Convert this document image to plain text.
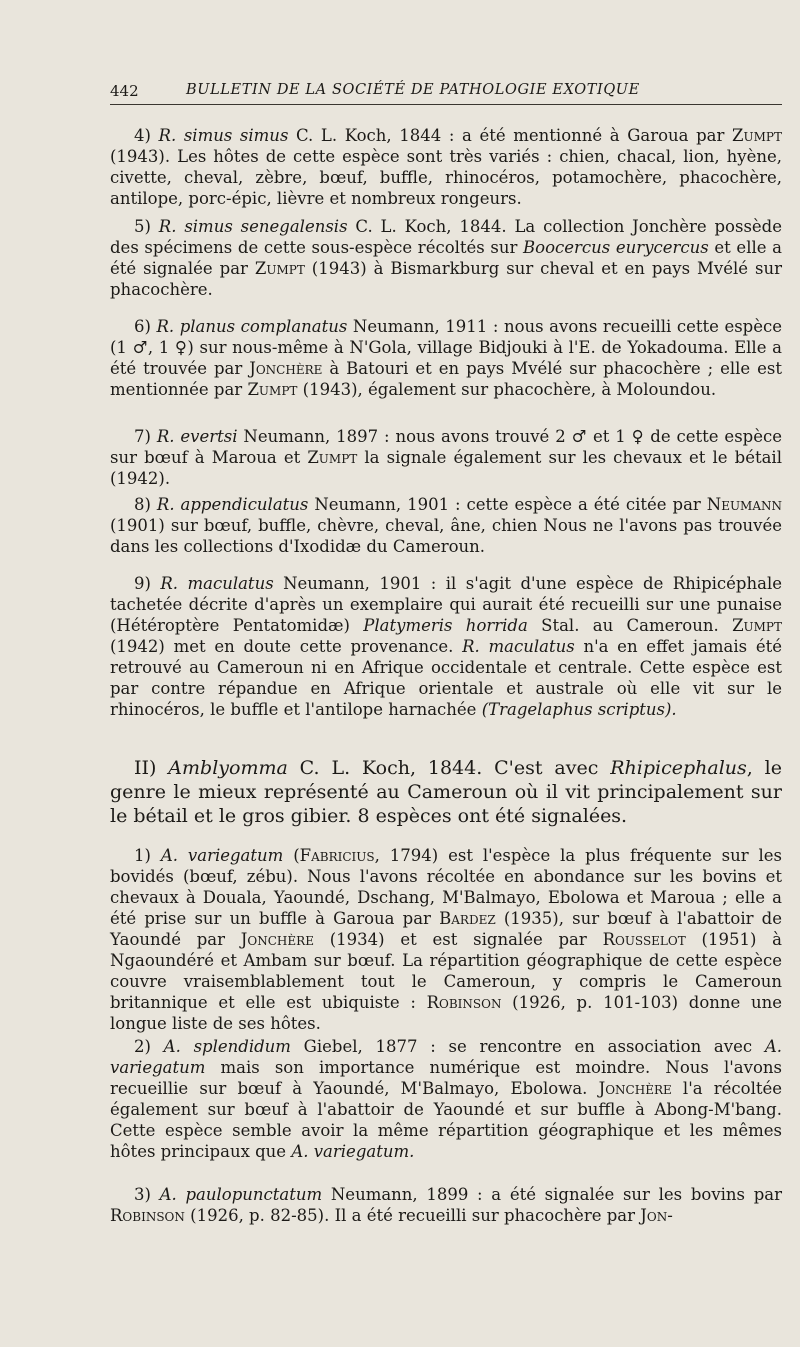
442	BULLETIN DE LA SOCIÉTÉ DE PATHOLOGIE EXOTIQUE

4) R. simus simus C. L. Koch, 1844 : a été mentionné à Garoua par Zumpt (1943). Les hôtes de cette espèce sont très variés : chien, chacal, lion, hyène, civette, cheval, zèbre, bœuf, buffle, rhinocéros, potamochère, phacochère, antilope, porc-épic, lièvre et nombreux rongeurs.

5) R. simus senegalensis C. L. Koch, 1844. La collection Jonchère possède des spécimens de cette sous-espèce récoltés sur Boocercus eurycercus et elle a été signalée par Zumpt (1943) à Bismarkburg sur cheval et en pays Mvélé sur phacochère.

6) R. planus complanatus Neumann, 1911 : nous avons recueilli cette espèce (1 ♂, 1 ♀) sur nous-même à N'Gola, village Bidjouki à l'E. de Yokadouma. Elle a été trouvée par Jonchère à Batouri et en pays Mvélé sur phacochère ; elle est mentionnée par Zumpt (1943), également sur phacochère, à Moloundou.

7) R. evertsi Neumann, 1897 : nous avons trouvé 2 ♂ et 1 ♀ de cette espèce sur bœuf à Maroua et Zumpt la signale également sur les chevaux et le bétail (1942).

8) R. appendiculatus Neumann, 1901 : cette espèce a été citée par Neumann (1901) sur bœuf, buffle, chèvre, cheval, âne, chien Nous ne l'avons pas trouvée dans les collections d'Ixodidæ du Cameroun.

9) R. maculatus Neumann, 1901 : il s'agit d'une espèce de Rhipicéphale tachetée décrite d'après un exemplaire qui aurait été recueilli sur une punaise (Hétéroptère Pentatomidæ) Platymeris horrida Stal. au Cameroun. Zumpt (1942) met en doute cette provenance. R. maculatus n'a en effet jamais été retrouvé au Cameroun ni en Afrique occidentale et centrale. Cette espèce est par contre répandue en Afrique orientale et australe où elle vit sur le rhinocéros, le buffle et l'antilope harnachée (Tragelaphus scriptus).

II) Amblyomma C. L. Koch, 1844. C'est avec Rhipicephalus, le genre le mieux représenté au Cameroun où il vit principalement sur le bétail et le gros gibier. 8 espèces ont été signalées.

1) A. variegatum (Fabricius, 1794) est l'espèce la plus fréquente sur les bovidés (bœuf, zébu). Nous l'avons récoltée en abondance sur les bovins et chevaux à Douala, Yaoundé, Dschang, M'Balmayo, Ebolowa et Maroua ; elle a été prise sur un buffle à Garoua par Bardez (1935), sur bœuf à l'abattoir de Yaoundé par Jonchère (1934) et est signalée par Rousselot (1951) à Ngaoundéré et Ambam sur bœuf. La répartition géographique de cette espèce couvre vraisemblablement tout le Cameroun, y compris le Cameroun britannique et elle est ubiquiste : Robinson (1926, p. 101-103) donne une longue liste de ses hôtes.

2) A. splendidum Giebel, 1877 : se rencontre en association avec A. variegatum mais son importance numérique est moindre. Nous l'avons recueillie sur bœuf à Yaoundé, M'Balmayo, Ebolowa. Jonchère l'a récoltée également sur bœuf à l'abattoir de Yaoundé et sur buffle à Abong-M'bang. Cette espèce semble avoir la même répartition géographique et les mêmes hôtes principaux que A. variegatum.

3) A. paulopunctatum Neumann, 1899 : a été signalée sur les bovins par Robinson (1926, p. 82-85). Il a été recueilli sur phacochère par Jon-
